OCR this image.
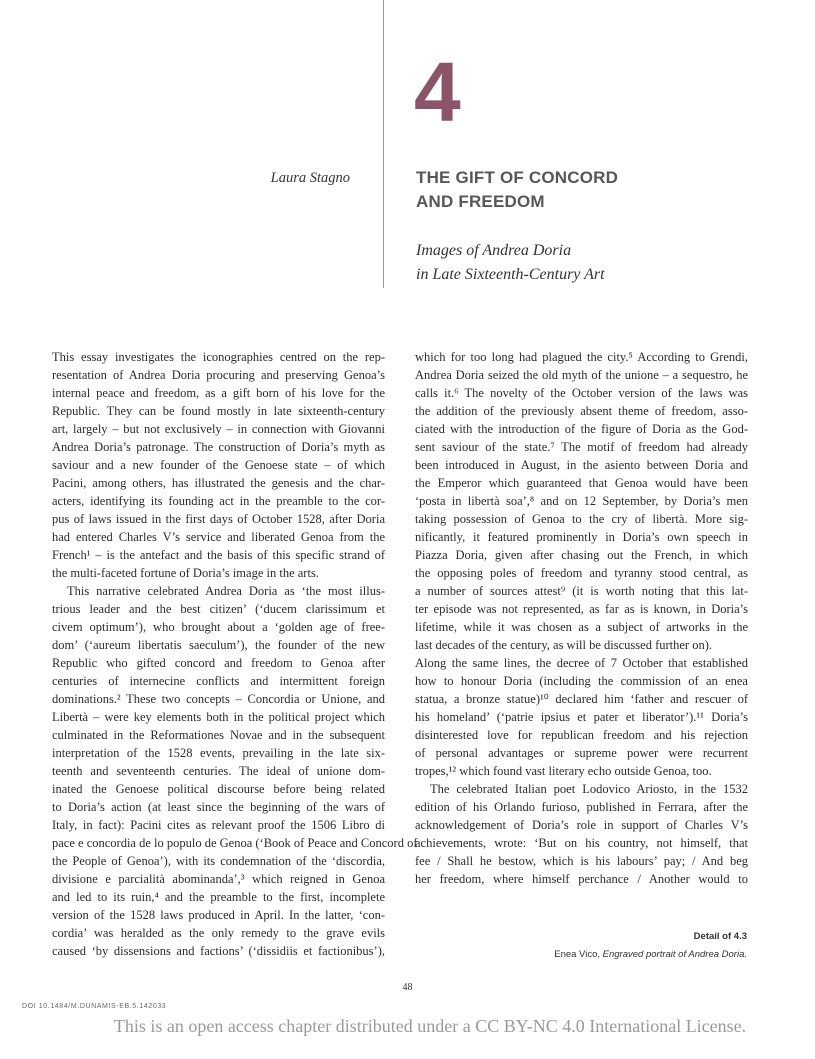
4
Laura Stagno	THE GIFT OF CONCORD
AND FREEDOM
Images of Andrea Doria
in Late Sixteenth-Century Art
This essay investigates the iconographies centred on the rep-
resentation of Andrea Doria procuring and preserving Genoa’s
internal peace and freedom, as a gift born of his love for the
Republic. They can be found mostly in late sixteenth-century
art, largely – but not exclusively – in connection with Giovanni
Andrea Doria’s patronage. The construction of Doria’s myth as
saviour and a new founder of the Genoese state – of which
Pacini, among others, has illustrated the genesis and the char-
acters, identifying its founding act in the preamble to the cor-
pus of laws issued in the first days of October 1528, after Doria
had entered Charles V’s service and liberated Genoa from the
French¹ – is the antefact and the basis of this specific strand of
the multi-faceted fortune of Doria’s image in the arts.
This narrative celebrated Andrea Doria as ‘the most illus-
trious leader and the best citizen’ (‘ducem clarissimum et
civem optimum’), who brought about a ‘golden age of free-
dom’ (‘aureum libertatis saeculum’), the founder of the new
Republic who gifted concord and freedom to Genoa after
centuries of internecine conflicts and intermittent foreign
dominations.² These two concepts – Concordia or Unione, and
Libertà – were key elements both in the political project which
culminated in the Reformationes Novae and in the subsequent
interpretation of the 1528 events, prevailing in the late six-
teenth and seventeenth centuries. The ideal of unione dom-
inated the Genoese political discourse before being related
to Doria’s action (at least since the beginning of the wars of
Italy, in fact): Pacini cites as relevant proof the 1506 Libro di
pace e concordia de lo populo de Genoa (‘Book of Peace and Concord of
the People of Genoa’), with its condemnation of the ‘discordia,
divisione e parcialità abominanda’,³ which reigned in Genoa
and led to its ruin,⁴ and the preamble to the first, incomplete
version of the 1528 laws produced in April. In the latter, ‘con-
cordia’ was heralded as the only remedy to the grave evils
caused ‘by dissensions and factions’ (‘dissidiis et factionibus’),
which for too long had plagued the city.⁵ According to Grendi,
Andrea Doria seized the old myth of the unione – a sequestro, he
calls it.⁶ The novelty of the October version of the laws was
the addition of the previously absent theme of freedom, asso-
ciated with the introduction of the figure of Doria as the God-
sent saviour of the state.⁷ The motif of freedom had already
been introduced in August, in the asiento between Doria and
the Emperor which guaranteed that Genoa would have been
‘posta in libertà soa’,⁸ and on 12 September, by Doria’s men
taking possession of Genoa to the cry of libertà. More sig-
nificantly, it featured prominently in Doria’s own speech in
Piazza Doria, given after chasing out the French, in which
the opposing poles of freedom and tyranny stood central, as
a number of sources attest⁹ (it is worth noting that this lat-
ter episode was not represented, as far as is known, in Doria’s
lifetime, while it was chosen as a subject of artworks in the
last decades of the century, as will be discussed further on).
Along the same lines, the decree of 7 October that established
how to honour Doria (including the commission of an enea
statua, a bronze statue)¹⁰ declared him ‘father and rescuer of
his homeland’ (‘patrie ipsius et pater et liberator’).¹¹ Doria’s
disinterested love for republican freedom and his rejection
of personal advantages or supreme power were recurrent
tropes,¹² which found vast literary echo outside Genoa, too.
The celebrated Italian poet Lodovico Ariosto, in the 1532
edition of his Orlando furioso, published in Ferrara, after the
acknowledgement of Doria’s role in support of Charles V’s
achievements, wrote: ‘But on his country, not himself, that
fee / Shall he bestow, which is his labours’ pay; / And beg
her freedom, where himself perchance / Another would to
Detail of 4.3
Enea Vico, Engraved portrait of Andrea Doria.
48
DOI 10.1484/M.DUNAMIS-EB.5.142033
This is an open access chapter distributed under a CC BY-NC 4.0 International License.
